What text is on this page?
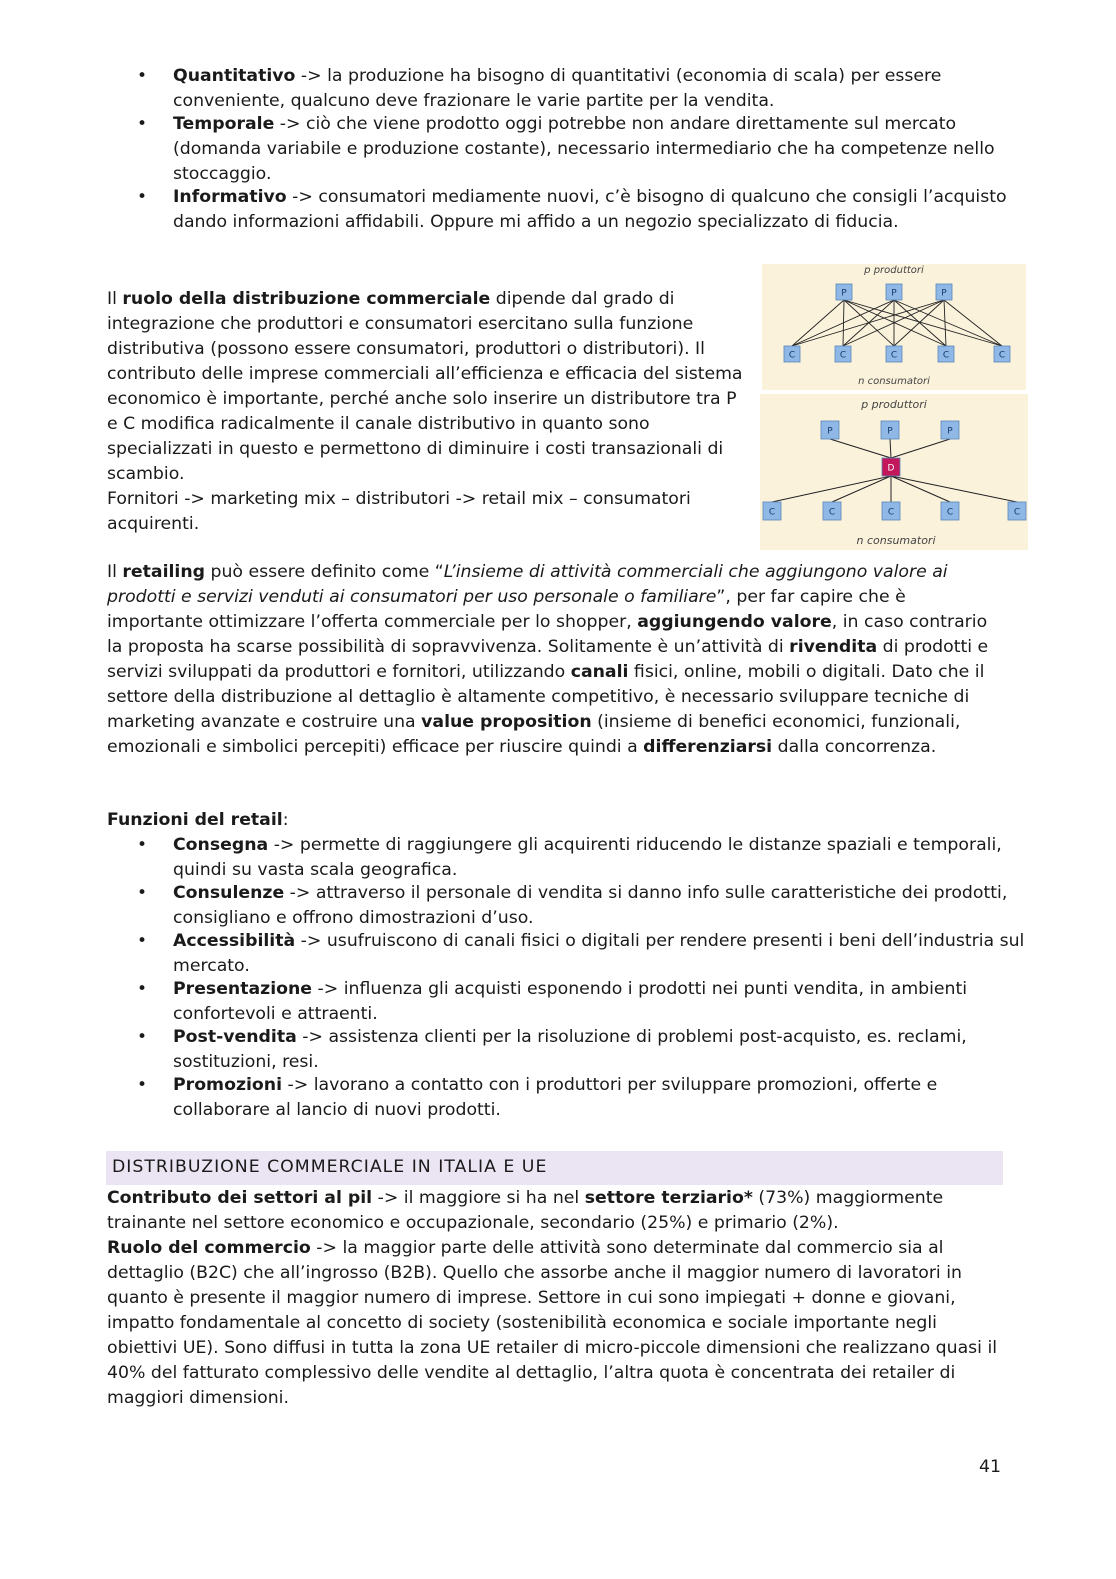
• Quantitativo -> la produzione ha bisogno di quantitativi (economia di scala) per essere conveniente, qualcuno deve frazionare le varie partite per la vendita.
• Temporale -> ciò che viene prodotto oggi potrebbe non andare direttamente sul mercato (domanda variabile e produzione costante), necessario intermediario che ha competenze nello stoccaggio.
• Informativo -> consumatori mediamente nuovi, c’è bisogno di qualcuno che consigli l’acquisto dando informazioni affidabili. Oppure mi affido a un negozio specializzato di fiducia.

Il ruolo della distribuzione commerciale dipende dal grado di integrazione che produttori e consumatori esercitano sulla funzione distributiva (possono essere consumatori, produttori o distributori). Il contributo delle imprese commerciali all’efficienza e efficacia del sistema economico è importante, perché anche solo inserire un distributore tra P e C modifica radicalmente il canale distributivo in quanto sono specializzati in questo e permettono di diminuire i costi transazionali di scambio.

Fornitori -> marketing mix – distributori -> retail mix – consumatori acquirenti.

p produttori
P	P	P
C	C	C	C	C
n consumatori
p produttori
P	P	P
D
C	C	C	C	C
n consumatori

Il retailing può essere definito come “L’insieme di attività commerciali che aggiungono valore ai prodotti e servizi venduti ai consumatori per uso personale o familiare”, per far capire che è importante ottimizzare l’offerta commerciale per lo shopper, aggiungendo valore, in caso contrario la proposta ha scarse possibilità di sopravvivenza. Solitamente è un’attività di rivendita di prodotti e servizi sviluppati da produttori e fornitori, utilizzando canali fisici, online, mobili o digitali. Dato che il settore della distribuzione al dettaglio è altamente competitivo, è necessario sviluppare tecniche di marketing avanzate e costruire una value proposition (insieme di benefici economici, funzionali, emozionali e simbolici percepiti) efficace per riuscire quindi a differenziarsi dalla concorrenza.

Funzioni del retail:

• Consegna -> permette di raggiungere gli acquirenti riducendo le distanze spaziali e temporali, quindi su vasta scala geografica.
• Consulenze -> attraverso il personale di vendita si danno info sulle caratteristiche dei prodotti, consigliano e offrono dimostrazioni d’uso.
• Accessibilità -> usufruiscono di canali fisici o digitali per rendere presenti i beni dell’industria sul mercato.
• Presentazione -> influenza gli acquisti esponendo i prodotti nei punti vendita, in ambienti confortevoli e attraenti.
• Post-vendita -> assistenza clienti per la risoluzione di problemi post-acquisto, es. reclami, sostituzioni, resi.
• Promozioni -> lavorano a contatto con i produttori per sviluppare promozioni, offerte e collaborare al lancio di nuovi prodotti.
DISTRIBUZIONE COMMERCIALE IN ITALIA E UE

Contributo dei settori al pil -> il maggiore si ha nel settore terziario* (73%) maggiormente trainante nel settore economico e occupazionale, secondario (25%) e primario (2%).

Ruolo del commercio -> la maggior parte delle attività sono determinate dal commercio sia al dettaglio (B2C) che all’ingrosso (B2B). Quello che assorbe anche il maggior numero di lavoratori in quanto è presente il maggior numero di imprese. Settore in cui sono impiegati + donne e giovani, impatto fondamentale al concetto di society (sostenibilità economica e sociale importante negli obiettivi UE). Sono diffusi in tutta la zona UE retailer di micro-piccole dimensioni che realizzano quasi il 40% del fatturato complessivo delle vendite al dettaglio, l’altra quota è concentrata dei retailer di maggiori dimensioni.

41
